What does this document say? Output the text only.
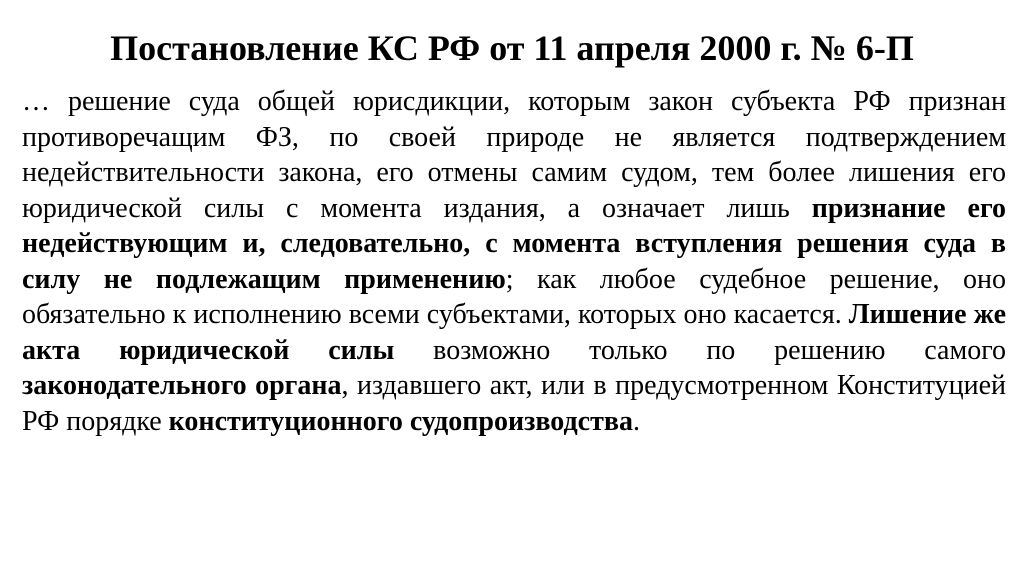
Постановление КС РФ от 11 апреля 2000 г. № 6-П

… решение суда общей юрисдикции, которым закон субъекта РФ признан противоречащим ФЗ, по своей природе не является подтверждением недействительности закона, его отмены самим судом, тем более лишения его юридической силы с момента издания, а означает лишь признание его недействующим и, следовательно, с момента вступления решения суда в силу не подлежащим применению; как любое судебное решение, оно обязательно к исполнению всеми субъектами, которых оно касается. Лишение же акта юридической силы возможно только по решению самого законодательного органа, издавшего акт, или в предусмотренном Конституцией РФ порядке конституционного судопроизводства.
